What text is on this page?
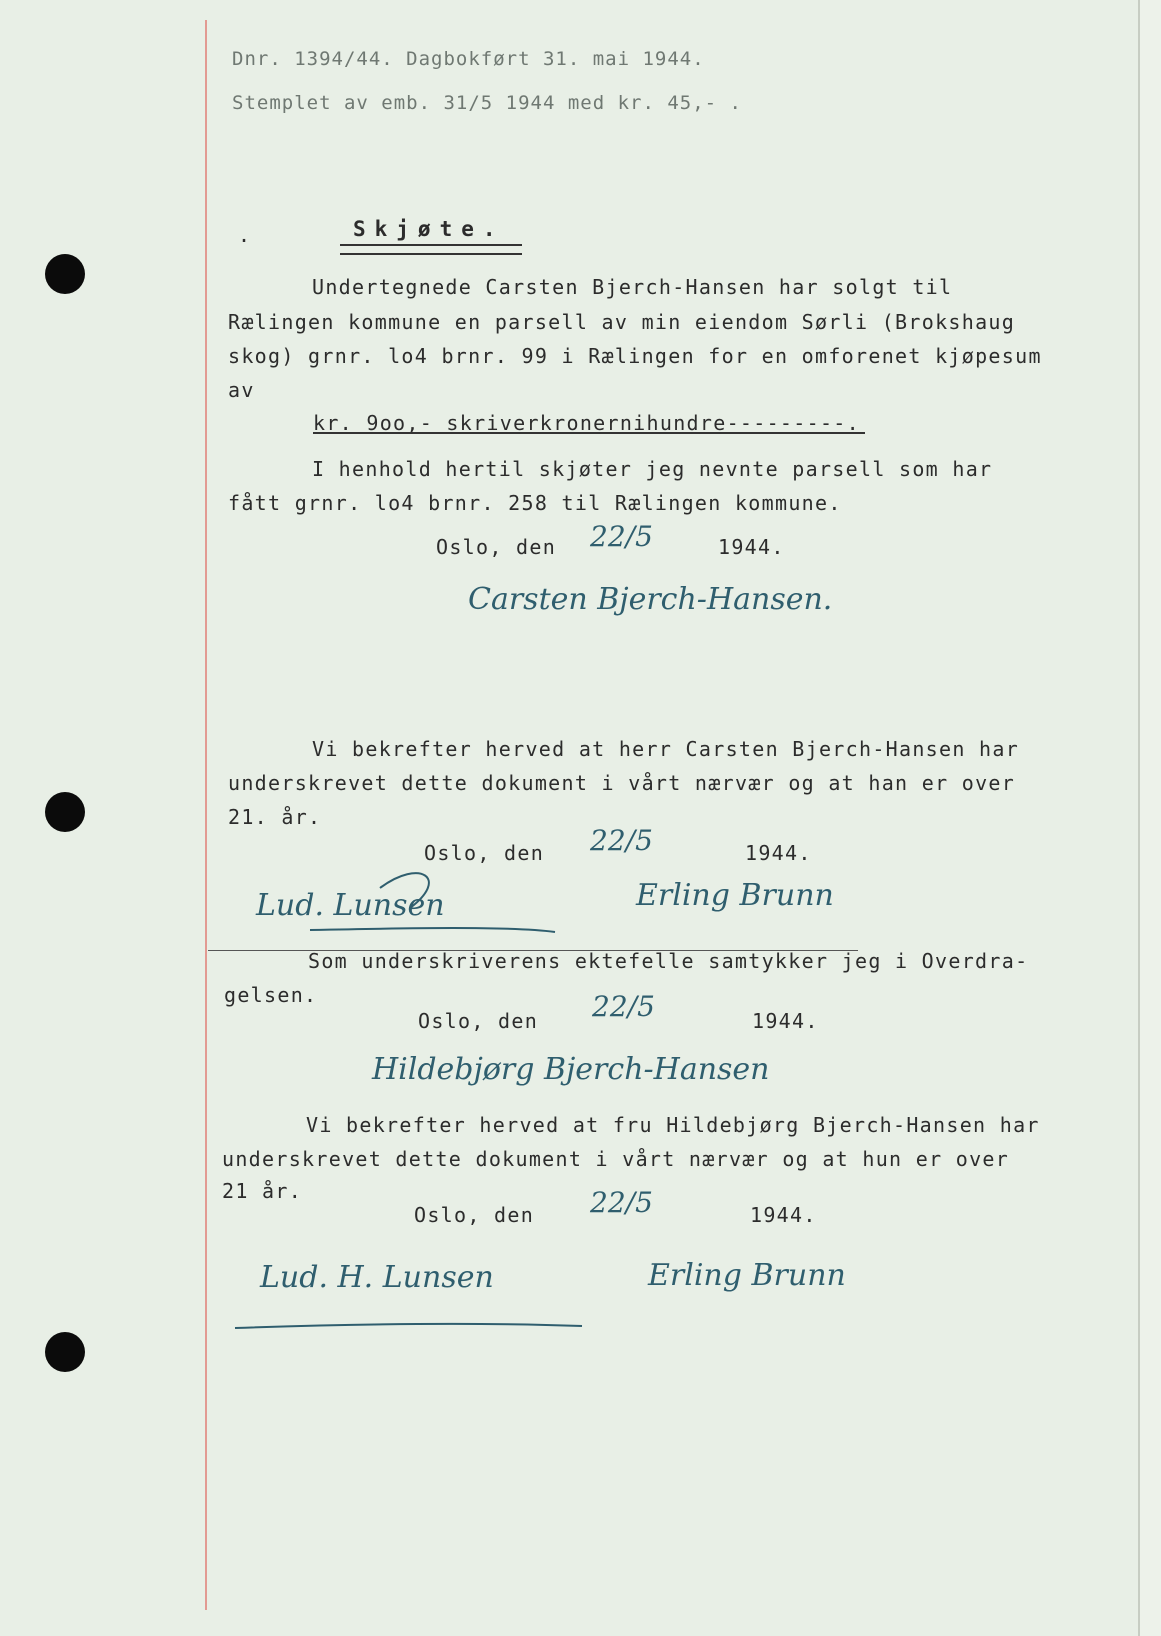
Dnr. 1394/44. Dagbokført 31. mai 1944.
Stemplet av emb. 31/5 1944 med kr. 45,- .
.	Skjøte.
Undertegnede Carsten Bjerch-Hansen har solgt til
Rælingen kommune en parsell av min eiendom Sørli (Brokshaug
skog) grnr. lo4 brnr. 99 i Rælingen for en omforenet kjøpesum
av
kr. 9oo,- skriverkronernihundre---------.
I henhold hertil skjøter jeg nevnte parsell som har
fått grnr. lo4 brnr. 258 til Rælingen kommune.
Oslo, den 22/5	1944.
Carsten Bjerch-Hansen.
Vi bekrefter herved at herr Carsten Bjerch-Hansen har
underskrevet dette dokument i vårt nærvær og at han er over
21. år.
Oslo, den 22/5	1944.
Lud. Lunsen	Erling Brunn
Som underskriverens ektefelle samtykker jeg i Overdra-
gelsen.
Oslo, den 22/5	1944.
Hildebjørg Bjerch-Hansen
Vi bekrefter herved at fru Hildebjørg Bjerch-Hansen har
underskrevet dette dokument i vårt nærvær og at hun er over
21 år.
Oslo, den 22/5	1944.
Lud. H. Lunsen	Erling Brunn
